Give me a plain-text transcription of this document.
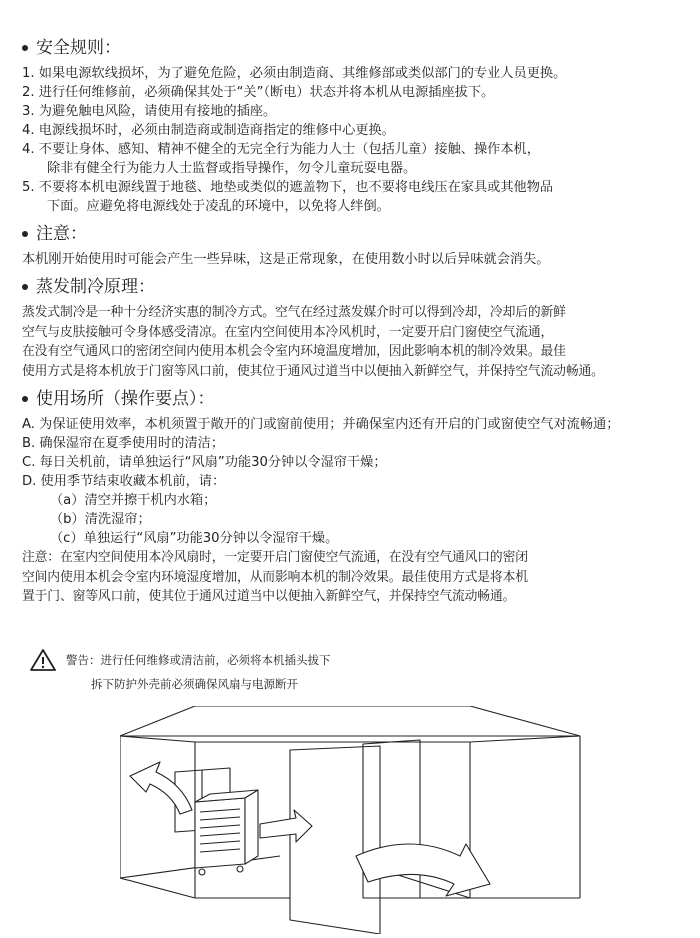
安全规则：
1. 如果电源软线损坏，为了避免危险，必须由制造商、其维修部或类似部门的专业人员更换。
2. 进行任何维修前，必须确保其处于“关”（断电）状态并将本机从电源插座拔下。
3. 为避免触电风险，请使用有接地的插座。
4. 电源线损坏时，必须由制造商或制造商指定的维修中心更换。
4. 不要让身体、感知、精神不健全的无完全行为能力人士（包括儿童）接触、操作本机，
除非有健全行为能力人士监督或指导操作，勿令儿童玩耍电器。
5. 不要将本机电源线置于地毯、地垫或类似的遮盖物下，也不要将电线压在家具或其他物品
下面。应避免将电源线处于凌乱的环境中，以免将人绊倒。
注意：
本机刚开始使用时可能会产生一些异味，这是正常现象，在使用数小时以后异味就会消失。
蒸发制冷原理：
蒸发式制冷是一种十分经济实惠的制冷方式。空气在经过蒸发媒介时可以得到冷却，冷却后的新鲜
空气与皮肤接触可令身体感受清凉。在室内空间使用本冷风机时，一定要开启门窗使空气流通，
在没有空气通风口的密闭空间内使用本机会令室内环境温度增加，因此影响本机的制冷效果。最佳
使用方式是将本机放于门窗等风口前，使其位于通风过道当中以便抽入新鲜空气，并保持空气流动畅通。
使用场所（操作要点）：
A. 为保证使用效率，本机须置于敞开的门或窗前使用；并确保室内还有开启的门或窗使空气对流畅通；
B. 确保湿帘在夏季使用时的清洁；
C. 每日关机前，请单独运行“风扇”功能30分钟以令湿帘干燥；
D. 使用季节结束收藏本机前，请：
（a）清空并擦干机内水箱；
（b）清洗湿帘；
（c）单独运行“风扇”功能30分钟以令湿帘干燥。
注意：在室内空间使用本冷风扇时，一定要开启门窗使空气流通，在没有空气通风口的密闭
空间内使用本机会令室内环境湿度增加，从而影响本机的制冷效果。最佳使用方式是将本机
置于门、窗等风口前，使其位于通风过道当中以便抽入新鲜空气，并保持空气流动畅通。
警告：进行任何维修或清洁前，必须将本机插头拔下
拆下防护外壳前必须确保风扇与电源断开
